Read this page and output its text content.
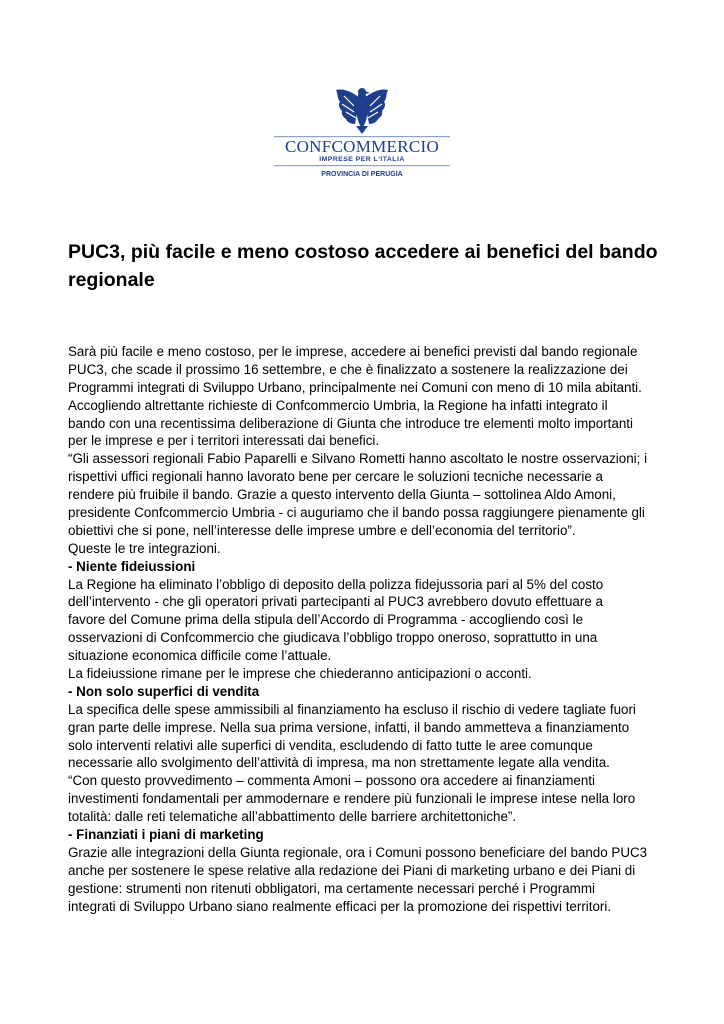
CONFCOMMERCIO
IMPRESE PER L'ITALIA
PROVINCIA DI PERUGIA
PUC3, più facile e meno costoso accedere ai benefici del bando
regionale
Sarà più facile e meno costoso, per le imprese, accedere ai benefici previsti dal bando regionale
PUC3, che scade il prossimo 16 settembre, e che è finalizzato a sostenere la realizzazione dei
Programmi integrati di Sviluppo Urbano, principalmente nei Comuni con meno di 10 mila abitanti.
Accogliendo altrettante richieste di Confcommercio Umbria, la Regione ha infatti integrato il
bando con una recentissima deliberazione di Giunta che introduce tre elementi molto importanti
per le imprese e per i territori interessati dai benefici.
“Gli assessori regionali Fabio Paparelli e Silvano Rometti hanno ascoltato le nostre osservazioni; i
rispettivi uffici regionali hanno lavorato bene per cercare le soluzioni tecniche necessarie a
rendere più fruibile il bando. Grazie a questo intervento della Giunta – sottolinea Aldo Amoni,
presidente Confcommercio Umbria - ci auguriamo che il bando possa raggiungere pienamente gli
obiettivi che si pone, nell’interesse delle imprese umbre e dell’economia del territorio”.
Queste le tre integrazioni.
- Niente fideiussioni
La Regione ha eliminato l’obbligo di deposito della polizza fidejussoria pari al 5% del costo
dell’intervento - che gli operatori privati partecipanti al PUC3 avrebbero dovuto effettuare a
favore del Comune prima della stipula dell’Accordo di Programma - accogliendo così le
osservazioni di Confcommercio che giudicava l’obbligo troppo oneroso, soprattutto in una
situazione economica difficile come l’attuale.
La fideiussione rimane per le imprese che chiederanno anticipazioni o acconti.
- Non solo superfici di vendita
La specifica delle spese ammissibili al finanziamento ha escluso il rischio di vedere tagliate fuori
gran parte delle imprese. Nella sua prima versione, infatti, il bando ammetteva a finanziamento
solo interventi relativi alle superfici di vendita, escludendo di fatto tutte le aree comunque
necessarie allo svolgimento dell’attività di impresa, ma non strettamente legate alla vendita.
“Con questo provvedimento – commenta Amoni – possono ora accedere ai finanziamenti
investimenti fondamentali per ammodernare e rendere più funzionali le imprese intese nella loro
totalità: dalle reti telematiche all’abbattimento delle barriere architettoniche”.
- Finanziati i piani di marketing
Grazie alle integrazioni della Giunta regionale, ora i Comuni possono beneficiare del bando PUC3
anche per sostenere le spese relative alla redazione dei Piani di marketing urbano e dei Piani di
gestione: strumenti non ritenuti obbligatori, ma certamente necessari perché i Programmi
integrati di Sviluppo Urbano siano realmente efficaci per la promozione dei rispettivi territori.
